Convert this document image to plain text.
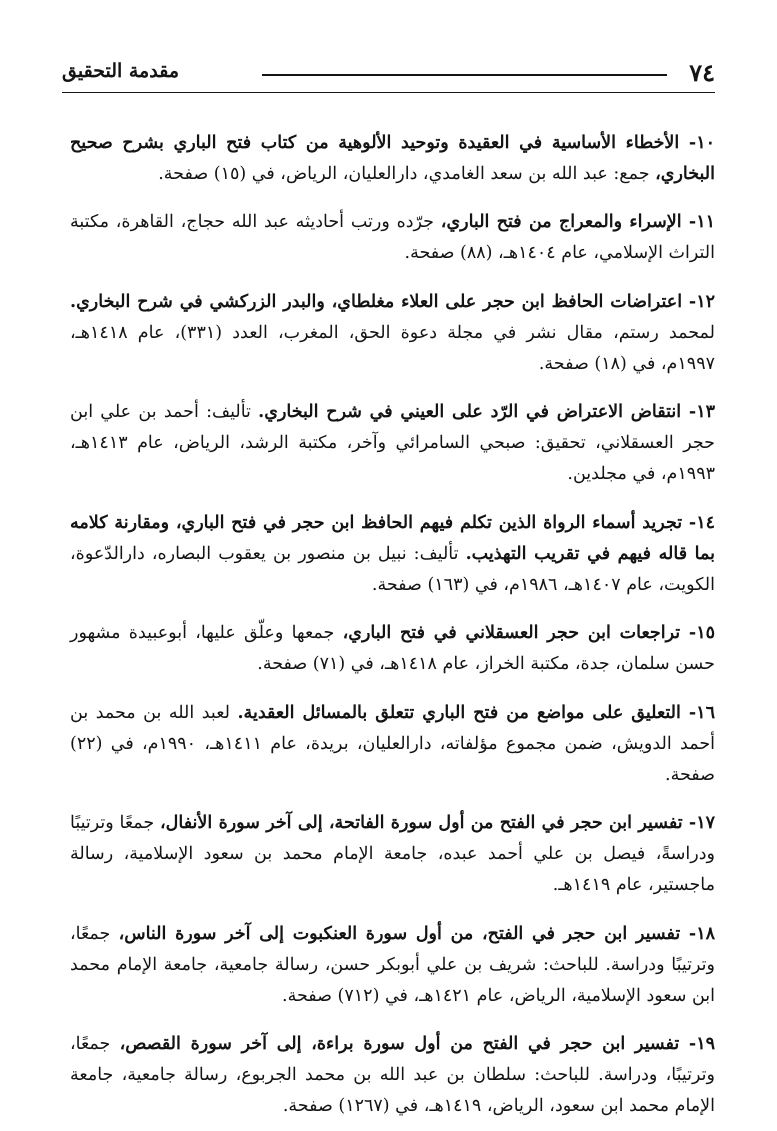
٧٤
مقدمة التحقيق

١٠- الأخطاء الأساسية في العقيدة وتوحيد الألوهية من كتاب فتح الباري بشرح صحيح البخاري، جمع: عبد الله بن سعد الغامدي، دارالعليان، الرياض، في (١٥) صفحة.

١١- الإسراء والمعراج من فتح الباري، جرّده ورتب أحاديثه عبد الله حجاج، القاهرة، مكتبة التراث الإسلامي، عام ١٤٠٤هـ، (٨٨) صفحة.

١٢- اعتراضات الحافظ ابن حجر على العلاء مغلطاي، والبدر الزركشي في شرح البخاري. لمحمد رستم، مقال نشر في مجلة دعوة الحق، المغرب، العدد (٣٣١)، عام ١٤١٨هـ، ١٩٩٧م، في (١٨) صفحة.

١٣- انتقاض الاعتراض في الرّد على العيني في شرح البخاري. تأليف: أحمد بن علي ابن حجر العسقلاني، تحقيق: صبحي السامرائي وآخر، مكتبة الرشد، الرياض، عام ١٤١٣هـ، ١٩٩٣م، في مجلدين.

١٤- تجريد أسماء الرواة الذين تكلم فيهم الحافظ ابن حجر في فتح الباري، ومقارنة كلامه بما قاله فيهم في تقريب التهذيب. تأليف: نبيل بن منصور بن يعقوب البصاره، دارالدّعوة، الكويت، عام ١٤٠٧هـ، ١٩٨٦م، في (١٦٣) صفحة.

١٥- تراجعات ابن حجر العسقلاني في فتح الباري، جمعها وعلّق عليها، أبوعبيدة مشهور حسن سلمان، جدة، مكتبة الخراز، عام ١٤١٨هـ، في (٧١) صفحة.

١٦- التعليق على مواضع من فتح الباري تتعلق بالمسائل العقدية. لعبد الله بن محمد بن أحمد الدويش، ضمن مجموع مؤلفاته، دارالعليان، بريدة، عام ١٤١١هـ، ١٩٩٠م، في (٢٢) صفحة.

١٧- تفسير ابن حجر في الفتح من أول سورة الفاتحة، إلى آخر سورة الأنفال، جمعًا وترتيبًا ودراسةً، فيصل بن علي أحمد عبده، جامعة الإمام محمد بن سعود الإسلامية، رسالة ماجستير، عام ١٤١٩هـ.

١٨- تفسير ابن حجر في الفتح، من أول سورة العنكبوت إلى آخر سورة الناس، جمعًا، وترتيبًا ودراسة. للباحث: شريف بن علي أبوبكر حسن، رسالة جامعية، جامعة الإمام محمد ابن سعود الإسلامية، الرياض، عام ١٤٢١هـ، في (٧١٢) صفحة.

١٩- تفسير ابن حجر في الفتح من أول سورة براءة، إلى آخر سورة القصص، جمعًا، وترتيبًا، ودراسة. للباحث: سلطان بن عبد الله بن محمد الجربوع، رسالة جامعية، جامعة الإمام محمد ابن سعود، الرياض، ١٤١٩هـ، في (١٢٦٧) صفحة.
